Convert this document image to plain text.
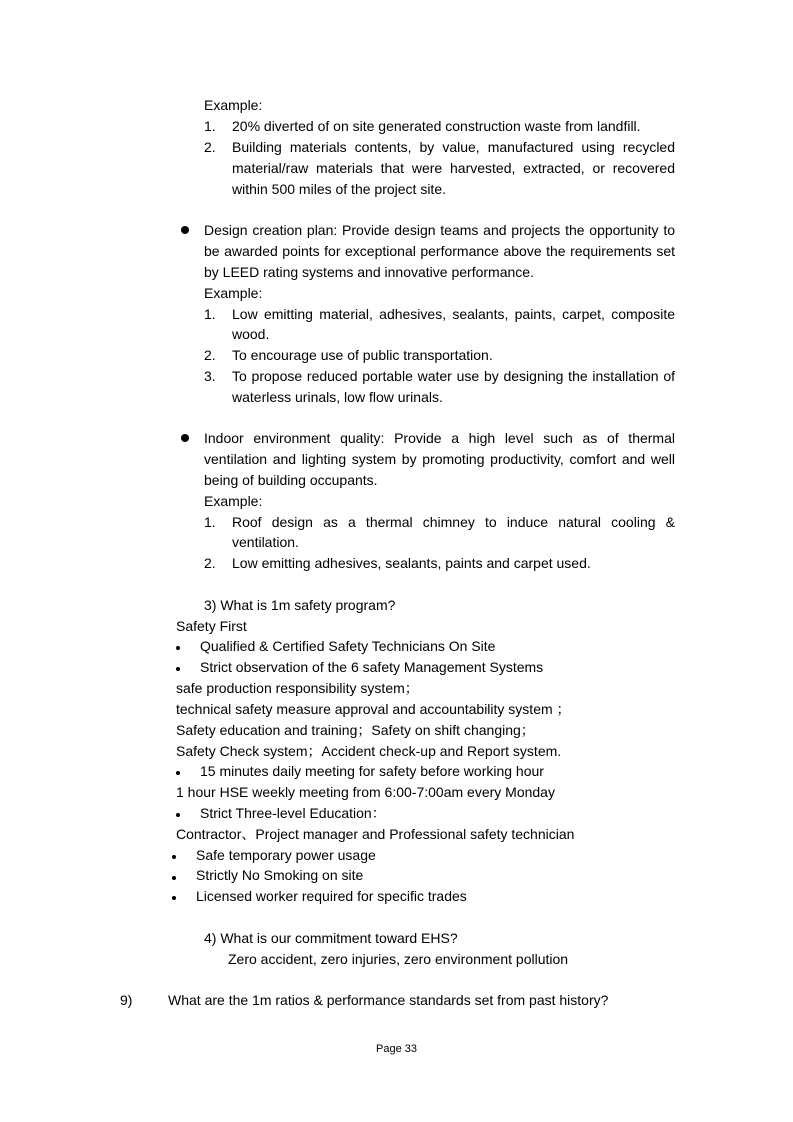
Example:
1. 20% diverted of on site generated construction waste from landfill.
2. Building materials contents, by value, manufactured using recycled
material/raw materials that were harvested, extracted, or recovered
within 500 miles of the project site.
Design creation plan: Provide design teams and projects the opportunity to
be awarded points for exceptional performance above the requirements set
by LEED rating systems and innovative performance.
Example:
1. Low emitting material, adhesives, sealants, paints, carpet, composite
wood.
2. To encourage use of public transportation.
3. To propose reduced portable water use by designing the installation of
waterless urinals, low flow urinals.
Indoor environment quality: Provide a high level such as of thermal
ventilation and lighting system by promoting productivity, comfort and well
being of building occupants.
Example:
1. Roof design as a thermal chimney to induce natural cooling &
ventilation.
2. Low emitting adhesives, sealants, paints and carpet used.
3) What is 1m safety program?
Safety First
Qualified & Certified Safety Technicians On Site
Strict observation of the 6 safety Management Systems
safe production responsibility system；
technical safety measure approval and accountability system ；
Safety education and training；Safety on shift changing；
Safety Check system；Accident check-up and Report system.
15 minutes daily meeting for safety before working hour
1 hour HSE weekly meeting from 6:00-7:00am every Monday
Strict Three-level Education：
Contractor、Project manager and Professional safety technician
Safe temporary power usage
Strictly No Smoking on site
Licensed worker required for specific trades
4) What is our commitment toward EHS?
Zero accident, zero injuries, zero environment pollution
9)	What are the 1m ratios & performance standards set from past history?
Page 33
